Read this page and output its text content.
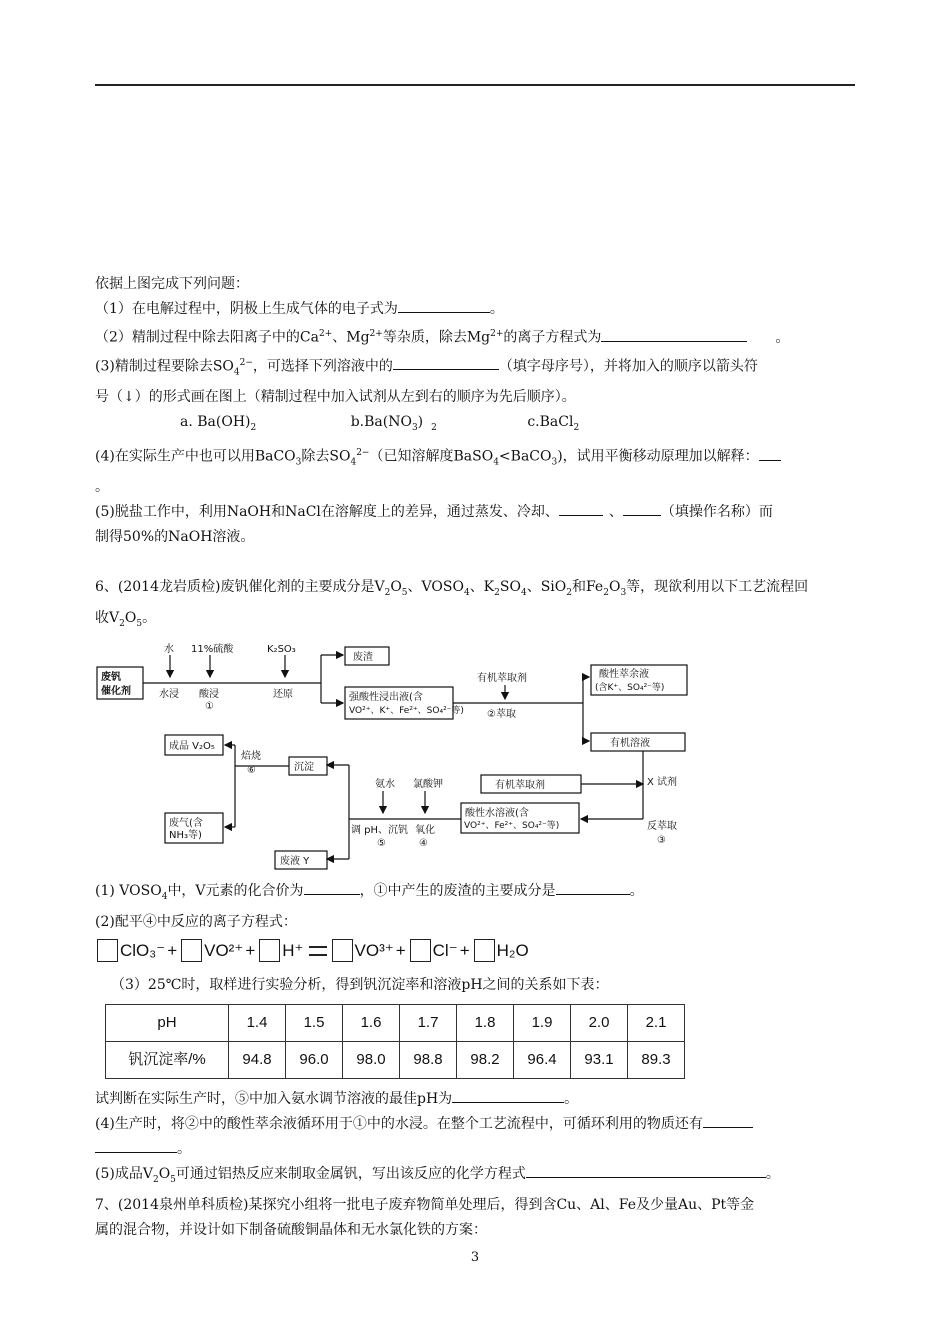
依据上图完成下列问题：
（1）在电解过程中，阴极上生成气体的电子式为	。
（2）精制过程中除去阳离子中的$Ca^{2+}$、$Mg^{2+}$等杂质，除去$Mg^{2+}$的离子方程式为	。
(3)精制过程要除去$SO_4^{2-}$，可选择下列溶液中的	（填字母序号），并将加入的顺序以箭头符
号（↓）的形式画在图上（精制过程中加入试剂从左到右的顺序为先后顺序）。
a. $Ba(OH)_2$	$b.Ba(NO_3)$ $_2$	c.BaCl$_2$
(4)在实际生产中也可以用BaCO$_3$除去$SO_4^{2-}$（已知溶解度BaSO$_4$<BaCO$_3$)，试用平衡移动原理加以解释：
。
(5)脱盐工作中，利用NaOH和NaCl在溶解度上的差异，通过蒸发、冷却、	、	（填操作名称）而
制得50%的NaOH溶液。
6、(2014龙岩质检)废钒催化剂的主要成分是$V_2O_5$、$VOSO_4$、$K_2SO_4$、SiO$_2$和$Fe_2O_3$等，现欲利用以下工艺流程回
收$V_2O_5$。
废钒
催化剂
水 11%硫酸	K₂SO₃
水浸 酸浸
①
还原
废渣
强酸性浸出液(含
VO²⁺、K⁺、Fe²⁺、SO₄²⁻等)
有机萃取剂
②萃取
酸性萃余液
(含K⁺、SO₄²⁻等)
有机溶液
有机萃取剂	X 试剂
反萃取
③
酸性水溶液(含
VO²⁺、Fe²⁺、SO₄²⁻等)
氯酸钾
氧化
④
氨水
调 pH、沉钒
⑤
废液 Y
沉淀
焙烧
⑥
成品 V₂O₅
废气(含
NH₃等)
(1) $VOSO_4$中，V元素的化合价为	，①中产生的废渣的主要成分是	。
(2)配平④中反应的离子方程式：
ClO₃⁻ + VO²⁺ + H⁺	VO³⁺ + Cl⁻ + H₂O
（3）25℃时，取样进行实验分析，得到钒沉淀率和溶液pH之间的关系如下表：
pH	1.4	1.5	1.6	1.7	1.8	1.9	2.0	2.1
钒沉淀率/%	94.8	96.0	98.0	98.8	98.2	96.4	93.1	89.3
试判断在实际生产时，⑤中加入氨水调节溶液的最佳pH为	。
(4)生产时，将②中的酸性萃余液循环用于①中的水浸。在整个工艺流程中，可循环利用的物质还有
。
(5)成品$V_2O_5$可通过铝热反应来制取金属钒，写出该反应的化学方程式	。
7、(2014泉州单科质检)某探究小组将一批电子废弃物简单处理后，得到含Cu、Al、Fe及少量Au、Pt等金
属的混合物，并设计如下制备硫酸铜晶体和无水氯化铁的方案：
3
